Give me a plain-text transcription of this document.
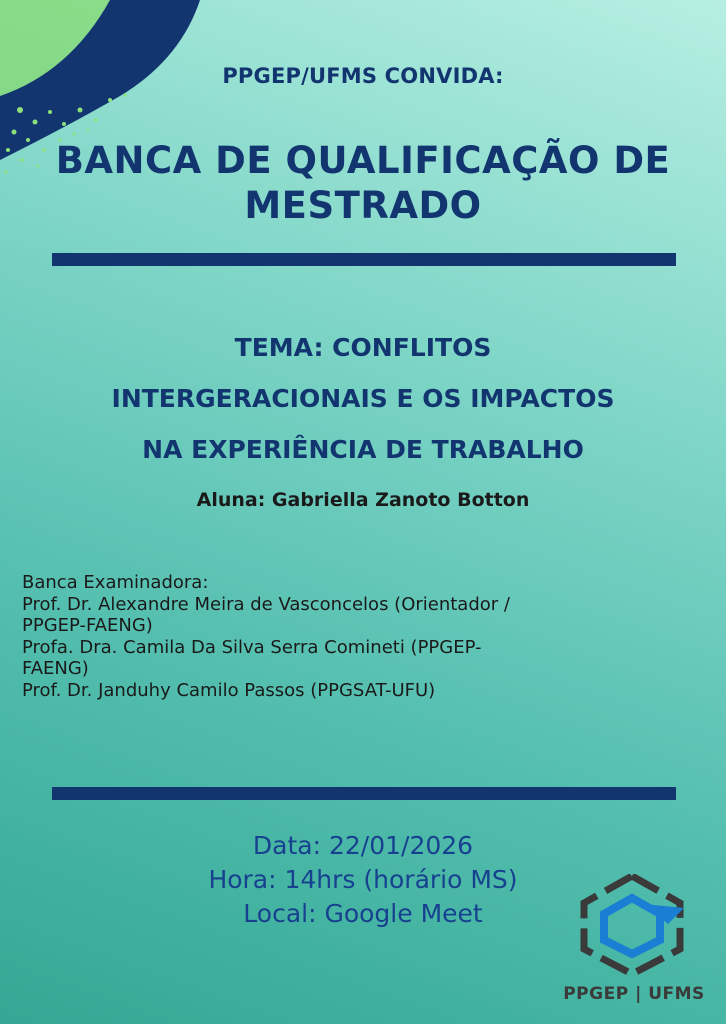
PPGEP/UFMS CONVIDA:
BANCA DE QUALIFICAÇÃO DE
MESTRADO
TEMA: CONFLITOS
INTERGERACIONAIS E OS IMPACTOS
NA EXPERIÊNCIA DE TRABALHO
Aluna: Gabriella Zanoto Botton
Banca Examinadora:
Prof. Dr. Alexandre Meira de Vasconcelos (Orientador /
PPGEP-FAENG)
Profa. Dra. Camila Da Silva Serra Comineti (PPGEP-
FAENG)
Prof. Dr. Janduhy Camilo Passos (PPGSAT-UFU)
Data: 22/01/2026
Hora: 14hrs (horário MS)
Local: Google Meet
PPGEP | UFMS
